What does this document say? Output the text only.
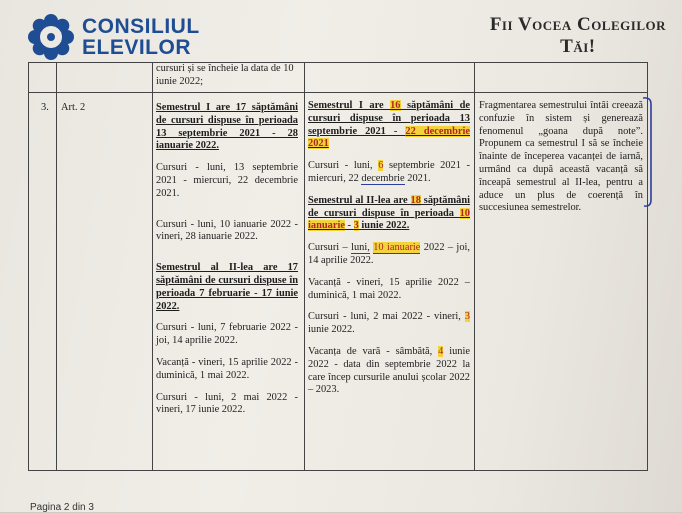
CONSILIUL
ELEVILOR
Fii Vocea Colegilor
Tăi!
cursuri și se încheie la data de 10 iunie 2022;
3.	Art. 2	Semestrul I are 17 săptămâni de cursuri dispuse în perioada 13 septembrie 2021 - 28 ianuarie 2022.

Cursuri - luni, 13 septembrie 2021 - miercuri, 22 decembrie 2021.

Cursuri - luni, 10 ianuarie 2022 - vineri, 28 ianuarie 2022.

Semestrul al II-lea are 17 săptămâni de cursuri dispuse în perioada 7 februarie - 17 iunie 2022.

Cursuri - luni, 7 februarie 2022 - joi, 14 aprilie 2022.

Vacanță - vineri, 15 aprilie 2022 - duminică, 1 mai 2022.

Cursuri - luni, 2 mai 2022 - vineri, 17 iunie 2022.

Semestrul I are 16 săptămâni de cursuri dispuse în perioada 13 septembrie 2021 - 22 decembrie 2021

Cursuri - luni, 6 septembrie 2021 - miercuri, 22 decembrie 2021.

Semestrul al II-lea are 18 săptămâni de cursuri dispuse în perioada 10 ianuarie - 3 iunie 2022.

Cursuri – luni, 10 ianuarie 2022 – joi, 14 aprilie 2022.

Vacanță - vineri, 15 aprilie 2022 – duminică, 1 mai 2022.

Cursuri - luni, 2 mai 2022 - vineri, 3 iunie 2022.

Vacanța de vară - sâmbătă, 4 iunie 2022 - data din septembrie 2022 la care încep cursurile anului școlar 2022 – 2023.

Fragmentarea semestrului întâi creează confuzie în sistem și generează fenomenul „goana după note”. Propunem ca semestrul I să se încheie înainte de începerea vacanței de iarnă, urmând ca după această vacanță să înceapă semestrul al II-lea, pentru a aduce un plus de coerență în succesiunea semestrelor.

Pagina 2 din 3
